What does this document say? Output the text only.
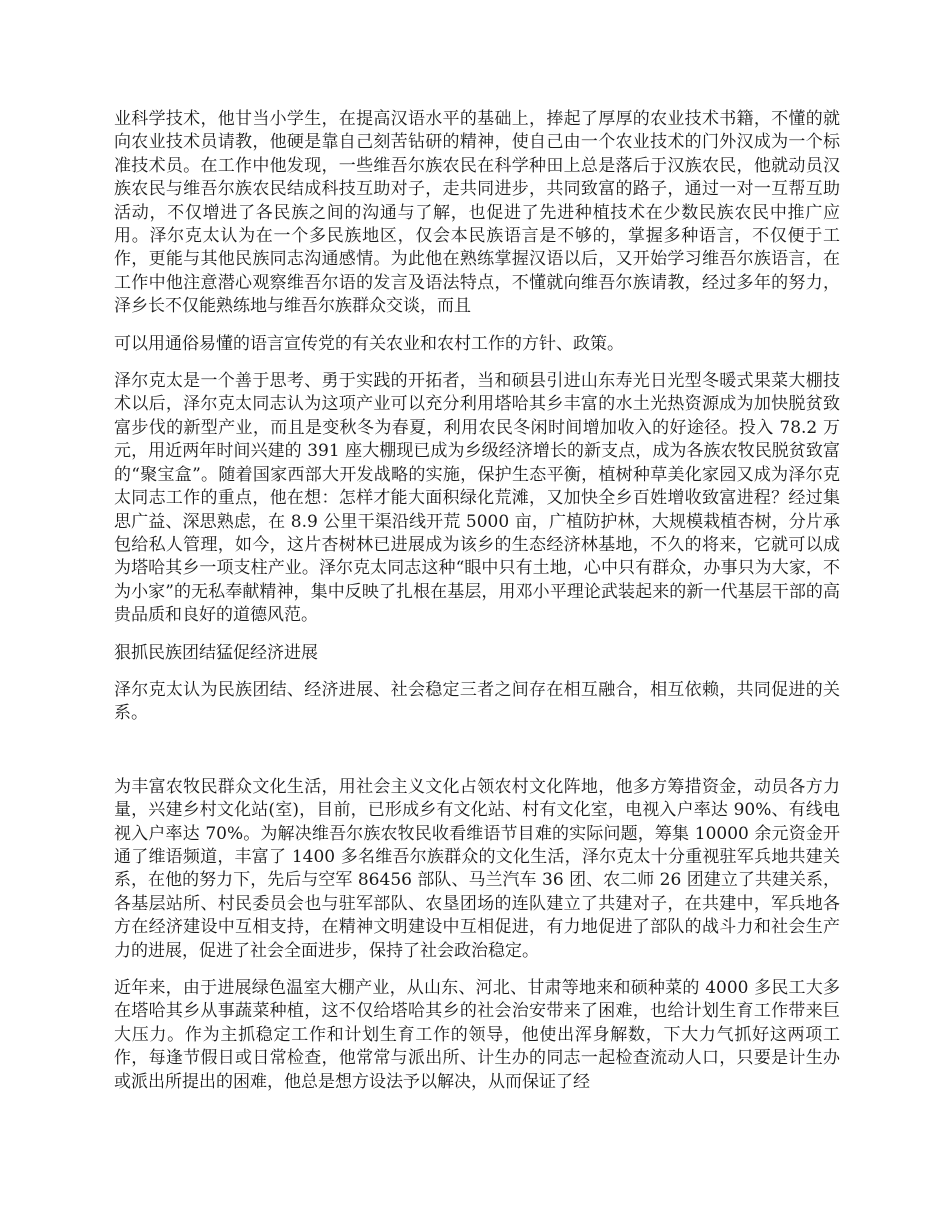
业科学技术，他甘当小学生，在提高汉语水平的基础上，捧起了厚厚的农业技术书籍，不懂的就向农业技术员请教，他硬是靠自己刻苦钻研的精神，使自己由一个农业技术的门外汉成为一个标准技术员。在工作中他发现，一些维吾尔族农民在科学种田上总是落后于汉族农民，他就动员汉族农民与维吾尔族农民结成科技互助对子，走共同进步，共同致富的路子，通过一对一互帮互助活动，不仅增进了各民族之间的沟通与了解，也促进了先进种植技术在少数民族农民中推广应用。泽尔克太认为在一个多民族地区，仅会本民族语言是不够的，掌握多种语言，不仅便于工作，更能与其他民族同志沟通感情。为此他在熟练掌握汉语以后，又开始学习维吾尔族语言，在工作中他注意潜心观察维吾尔语的发言及语法特点，不懂就向维吾尔族请教，经过多年的努力，泽乡长不仅能熟练地与维吾尔族群众交谈，而且

可以用通俗易懂的语言宣传党的有关农业和农村工作的方针、政策。

泽尔克太是一个善于思考、勇于实践的开拓者，当和硕县引进山东寿光日光型冬暖式果菜大棚技术以后，泽尔克太同志认为这项产业可以充分利用塔哈其乡丰富的水土光热资源成为加快脱贫致富步伐的新型产业，而且是变秋冬为春夏，利用农民冬闲时间增加收入的好途径。投入 78.2 万元，用近两年时间兴建的 391 座大棚现已成为乡级经济增长的新支点，成为各族农牧民脱贫致富的“聚宝盒”。随着国家西部大开发战略的实施，保护生态平衡，植树种草美化家园又成为泽尔克太同志工作的重点，他在想：怎样才能大面积绿化荒滩，又加快全乡百姓增收致富进程？经过集思广益、深思熟虑，在 8.9 公里干渠沿线开荒 5000 亩，广植防护林，大规模栽植杏树，分片承包给私人管理，如今，这片杏树林已进展成为该乡的生态经济林基地，不久的将来，它就可以成为塔哈其乡一项支柱产业。泽尔克太同志这种“眼中只有土地，心中只有群众，办事只为大家，不为小家”的无私奉献精神，集中反映了扎根在基层，用邓小平理论武装起来的新一代基层干部的高贵品质和良好的道德风范。

狠抓民族团结猛促经济进展

泽尔克太认为民族团结、经济进展、社会稳定三者之间存在相互融合，相互依赖，共同促进的关系。

为丰富农牧民群众文化生活，用社会主义文化占领农村文化阵地，他多方筹措资金，动员各方力量，兴建乡村文化站(室)，目前，已形成乡有文化站、村有文化室，电视入户率达 90%、有线电视入户率达 70%。为解决维吾尔族农牧民收看维语节目难的实际问题，筹集 10000 余元资金开通了维语频道，丰富了 1400 多名维吾尔族群众的文化生活，泽尔克太十分重视驻军兵地共建关系，在他的努力下，先后与空军 86456 部队、马兰汽车 36 团、农二师 26 团建立了共建关系，各基层站所、村民委员会也与驻军部队、农垦团场的连队建立了共建对子，在共建中，军兵地各方在经济建设中互相支持，在精神文明建设中互相促进，有力地促进了部队的战斗力和社会生产力的进展，促进了社会全面进步，保持了社会政治稳定。

近年来，由于进展绿色温室大棚产业，从山东、河北、甘肃等地来和硕种菜的 4000 多民工大多在塔哈其乡从事蔬菜种植，这不仅给塔哈其乡的社会治安带来了困难，也给计划生育工作带来巨大压力。作为主抓稳定工作和计划生育工作的领导，他使出浑身解数，下大力气抓好这两项工作，每逢节假日或日常检查，他常常与派出所、计生办的同志一起检查流动人口，只要是计生办或派出所提出的困难，他总是想方设法予以解决，从而保证了经
